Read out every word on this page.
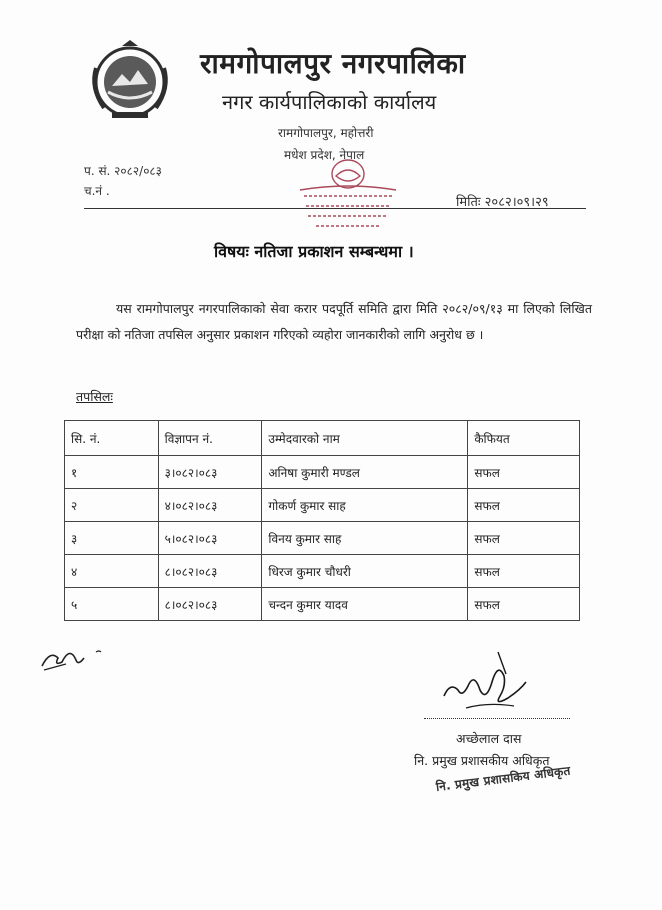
रामगोपालपुर नगरपालिका
नगर कार्यपालिकाको कार्यालय
रामगोपालपुर, महोत्तरी
मधेश प्रदेश, नेपाल
प. सं. २०८२/०८३
च.नं .
मितिः २०८२।०९।२९
विषयः नतिजा प्रकाशन सम्बन्धमा ।
यस रामगोपालपुर नगरपालिकाको सेवा करार पदपूर्ति समिति द्वारा मिति २०८२/०९/१३ मा लिएको लिखित परीक्षा को नतिजा तपसिल अनुसार प्रकाशन गरिएको व्यहोरा जानकारीको लागि अनुरोध छ ।
तपसिलः
सि. नं.	विज्ञापन नं.	उम्मेदवारको नाम	कैफियत
१	३।०८२।०८३	अनिषा कुमारी मण्डल	सफल
२	४।०८२।०८३	गोकर्ण कुमार साह	सफल
३	५।०८२।०८३	विनय कुमार साह	सफल
४	८।०८२।०८३	धिरज कुमार चौधरी	सफल
५	८।०८२।०८३	चन्दन कुमार यादव	सफल
अच्छेलाल दास
नि. प्रमुख प्रशासकीय अधिकृत
नि. प्रमुख प्रशासकिय अधिकृत
